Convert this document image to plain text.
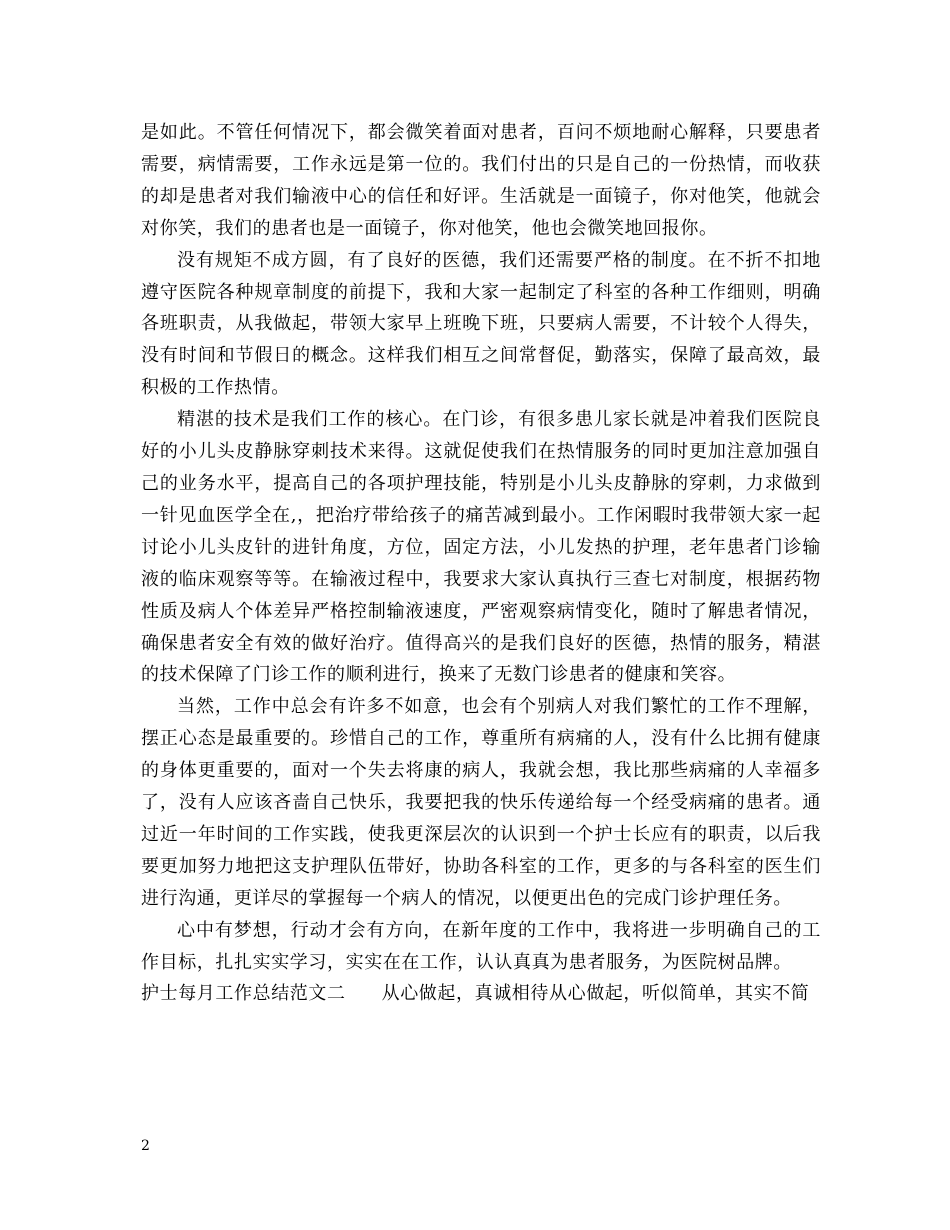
是如此。不管任何情况下，都会微笑着面对患者，百问不烦地耐心解释，只要患者需要，病情需要，工作永远是第一位的。我们付出的只是自己的一份热情，而收获的却是患者对我们输液中心的信任和好评。生活就是一面镜子，你对他笑，他就会对你笑，我们的患者也是一面镜子，你对他笑，他也会微笑地回报你。

没有规矩不成方圆，有了良好的医德，我们还需要严格的制度。在不折不扣地遵守医院各种规章制度的前提下，我和大家一起制定了科室的各种工作细则，明确各班职责，从我做起，带领大家早上班晚下班，只要病人需要，不计较个人得失，没有时间和节假日的概念。这样我们相互之间常督促，勤落实，保障了最高效，最积极的工作热情。

精湛的技术是我们工作的核心。在门诊，有很多患儿家长就是冲着我们医院良好的小儿头皮静脉穿刺技术来得。这就促使我们在热情服务的同时更加注意加强自己的业务水平，提高自己的各项护理技能，特别是小儿头皮静脉的穿刺，力求做到一针见血医学全在,，把治疗带给孩子的痛苦减到最小。工作闲暇时我带领大家一起讨论小儿头皮针的进针角度，方位，固定方法，小儿发热的护理，老年患者门诊输液的临床观察等等。在输液过程中，我要求大家认真执行三查七对制度，根据药物性质及病人个体差异严格控制输液速度，严密观察病情变化，随时了解患者情况，确保患者安全有效的做好治疗。值得高兴的是我们良好的医德，热情的服务，精湛的技术保障了门诊工作的顺利进行，换来了无数门诊患者的健康和笑容。

当然，工作中总会有许多不如意，也会有个别病人对我们繁忙的工作不理解，摆正心态是最重要的。珍惜自己的工作，尊重所有病痛的人，没有什么比拥有健康的身体更重要的，面对一个失去将康的病人，我就会想，我比那些病痛的人幸福多了，没有人应该吝啬自己快乐，我要把我的快乐传递给每一个经受病痛的患者。通过近一年时间的工作实践，使我更深层次的认识到一个护士长应有的职责，以后我要更加努力地把这支护理队伍带好，协助各科室的工作，更多的与各科室的医生们进行沟通，更详尽的掌握每一个病人的情况，以便更出色的完成门诊护理任务。

心中有梦想，行动才会有方向，在新年度的工作中，我将进一步明确自己的工作目标，扎扎实实学习，实实在在工作，认认真真为患者服务，为医院树品牌。

护士每月工作总结范文二 从心做起，真诚相待从心做起，听似简单，其实不简

2
